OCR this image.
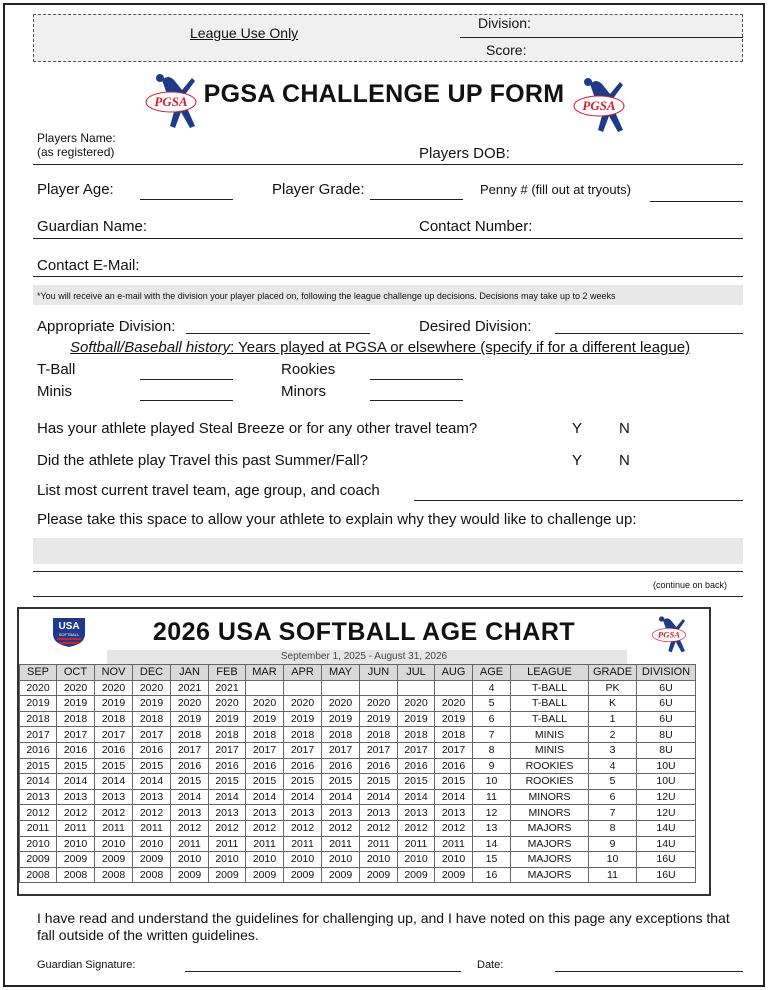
League Use Only
Division:
Score:
PGSA	PGSA
PGSA CHALLENGE UP FORM
Players Name:
(as registered)	Players DOB:
Player Age:	Player Grade:	Penny # (fill out at tryouts)
Guardian Name:	Contact Number:
Contact E-Mail:
*You will receive an e-mail with the division your player placed on, following the league challenge up decisions. Decisions may take up to 2 weeks
Appropriate Division:	Desired Division:
Softball/Baseball history: Years played at PGSA or elsewhere (specify if for a different league)
T-Ball	Rookies
Minis	Minors
Has your athlete played Steal Breeze or for any other travel team?	Y N
Did the athlete play Travel this past Summer/Fall?	Y N
List most current travel team, age group, and coach
Please take this space to allow your athlete to explain why they would like to challenge up:
(continue on back)
USA
SOFTBALL	2026 USA SOFTBALL AGE CHART
September 1, 2025 - August 31, 2026
PGSA
SEP	OCT	NOV	DEC	JAN	FEB	MAR	APR	MAY	JUN	JUL	AUG	AGE	LEAGUE	GRADE	DIVISION
2020	2020	2020	2020	2021	2021							4	T-BALL	PK	6U
2019	2019	2019	2019	2020	2020	2020	2020	2020	2020	2020	2020	5	T-BALL	K	6U
2018	2018	2018	2018	2019	2019	2019	2019	2019	2019	2019	2019	6	T-BALL	1	6U
2017	2017	2017	2017	2018	2018	2018	2018	2018	2018	2018	2018	7	MINIS	2	8U
2016	2016	2016	2016	2017	2017	2017	2017	2017	2017	2017	2017	8	MINIS	3	8U
2015	2015	2015	2015	2016	2016	2016	2016	2016	2016	2016	2016	9	ROOKIES	4	10U
2014	2014	2014	2014	2015	2015	2015	2015	2015	2015	2015	2015	10	ROOKIES	5	10U
2013	2013	2013	2013	2014	2014	2014	2014	2014	2014	2014	2014	11	MINORS	6	12U
2012	2012	2012	2012	2013	2013	2013	2013	2013	2013	2013	2013	12	MINORS	7	12U
2011	2011	2011	2011	2012	2012	2012	2012	2012	2012	2012	2012	13	MAJORS	8	14U
2010	2010	2010	2010	2011	2011	2011	2011	2011	2011	2011	2011	14	MAJORS	9	14U
2009	2009	2009	2009	2010	2010	2010	2010	2010	2010	2010	2010	15	MAJORS	10	16U
2008	2008	2008	2008	2009	2009	2009	2009	2009	2009	2009	2009	16	MAJORS	11	16U
I have read and understand the guidelines for challenging up, and I have noted on this page any exceptions that fall outside of the written guidelines.
Guardian Signature:	Date:
